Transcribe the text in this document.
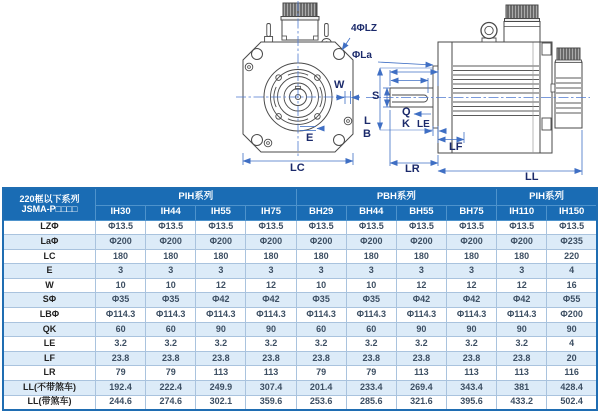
4ΦLZ
ΦLa
W
S
Q
K
L
B
LE
E
LC
LF
LR
LL
220框以下系列
JSMA-P□□□□	PIH系列				PBH系列				PIH系列	
	IH30	IH44	IH55	IH75	BH29	BH44	BH55	BH75	IH110	IH150
LZΦ	Φ13.5	Φ13.5	Φ13.5	Φ13.5	Φ13.5	Φ13.5	Φ13.5	Φ13.5	Φ13.5	Φ13.5
LaΦ	Φ200	Φ200	Φ200	Φ200	Φ200	Φ200	Φ200	Φ200	Φ200	Φ235
LC	180	180	180	180	180	180	180	180	180	220
E	3	3	3	3	3	3	3	3	3	4
W	10	10	12	12	10	10	12	12	12	16
SΦ	Φ35	Φ35	Φ42	Φ42	Φ35	Φ35	Φ42	Φ42	Φ42	Φ55
LBΦ	Φ114.3	Φ114.3	Φ114.3	Φ114.3	Φ114.3	Φ114.3	Φ114.3	Φ114.3	Φ114.3	Φ200
QK	60	60	90	90	60	60	90	90	90	90
LE	3.2	3.2	3.2	3.2	3.2	3.2	3.2	3.2	3.2	4
LF	23.8	23.8	23.8	23.8	23.8	23.8	23.8	23.8	23.8	20
LR	79	79	113	113	79	79	113	113	113	116
LL(不带煞车)	192.4	222.4	249.9	307.4	201.4	233.4	269.4	343.4	381	428.4
LL(带煞车)	244.6	274.6	302.1	359.6	253.6	285.6	321.6	395.6	433.2	502.4
